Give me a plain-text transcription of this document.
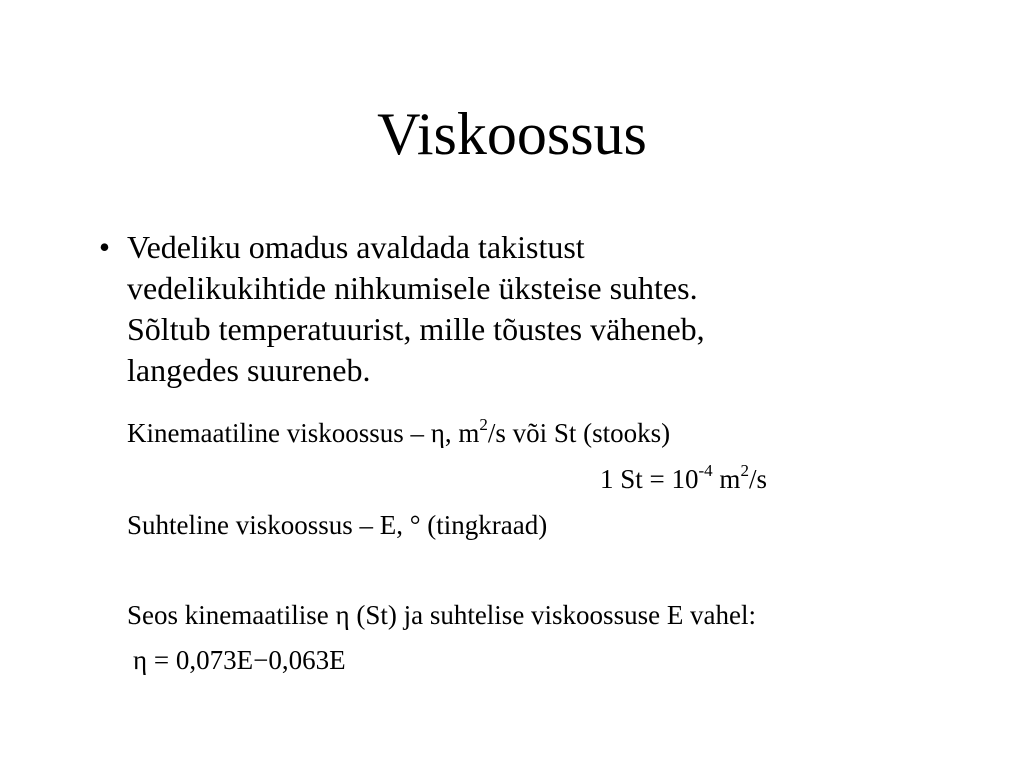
Viskoossus
• Vedeliku omadus avaldada takistust
vedelikukihtide nihkumisele üksteise suhtes.
Sõltub temperatuurist, mille tõustes väheneb,
langedes suureneb.
Kinemaatiline viskoossus – η, $m^2/s$ või St (stooks)
1 $St = 10^{-4}$ $m^2/s$
Suhteline viskoossus – E, ° (tingkraad)
Seos kinemaatilise η (St) ja suhtelise viskoossuse E vahel:
η = 0,073E−0,063E
